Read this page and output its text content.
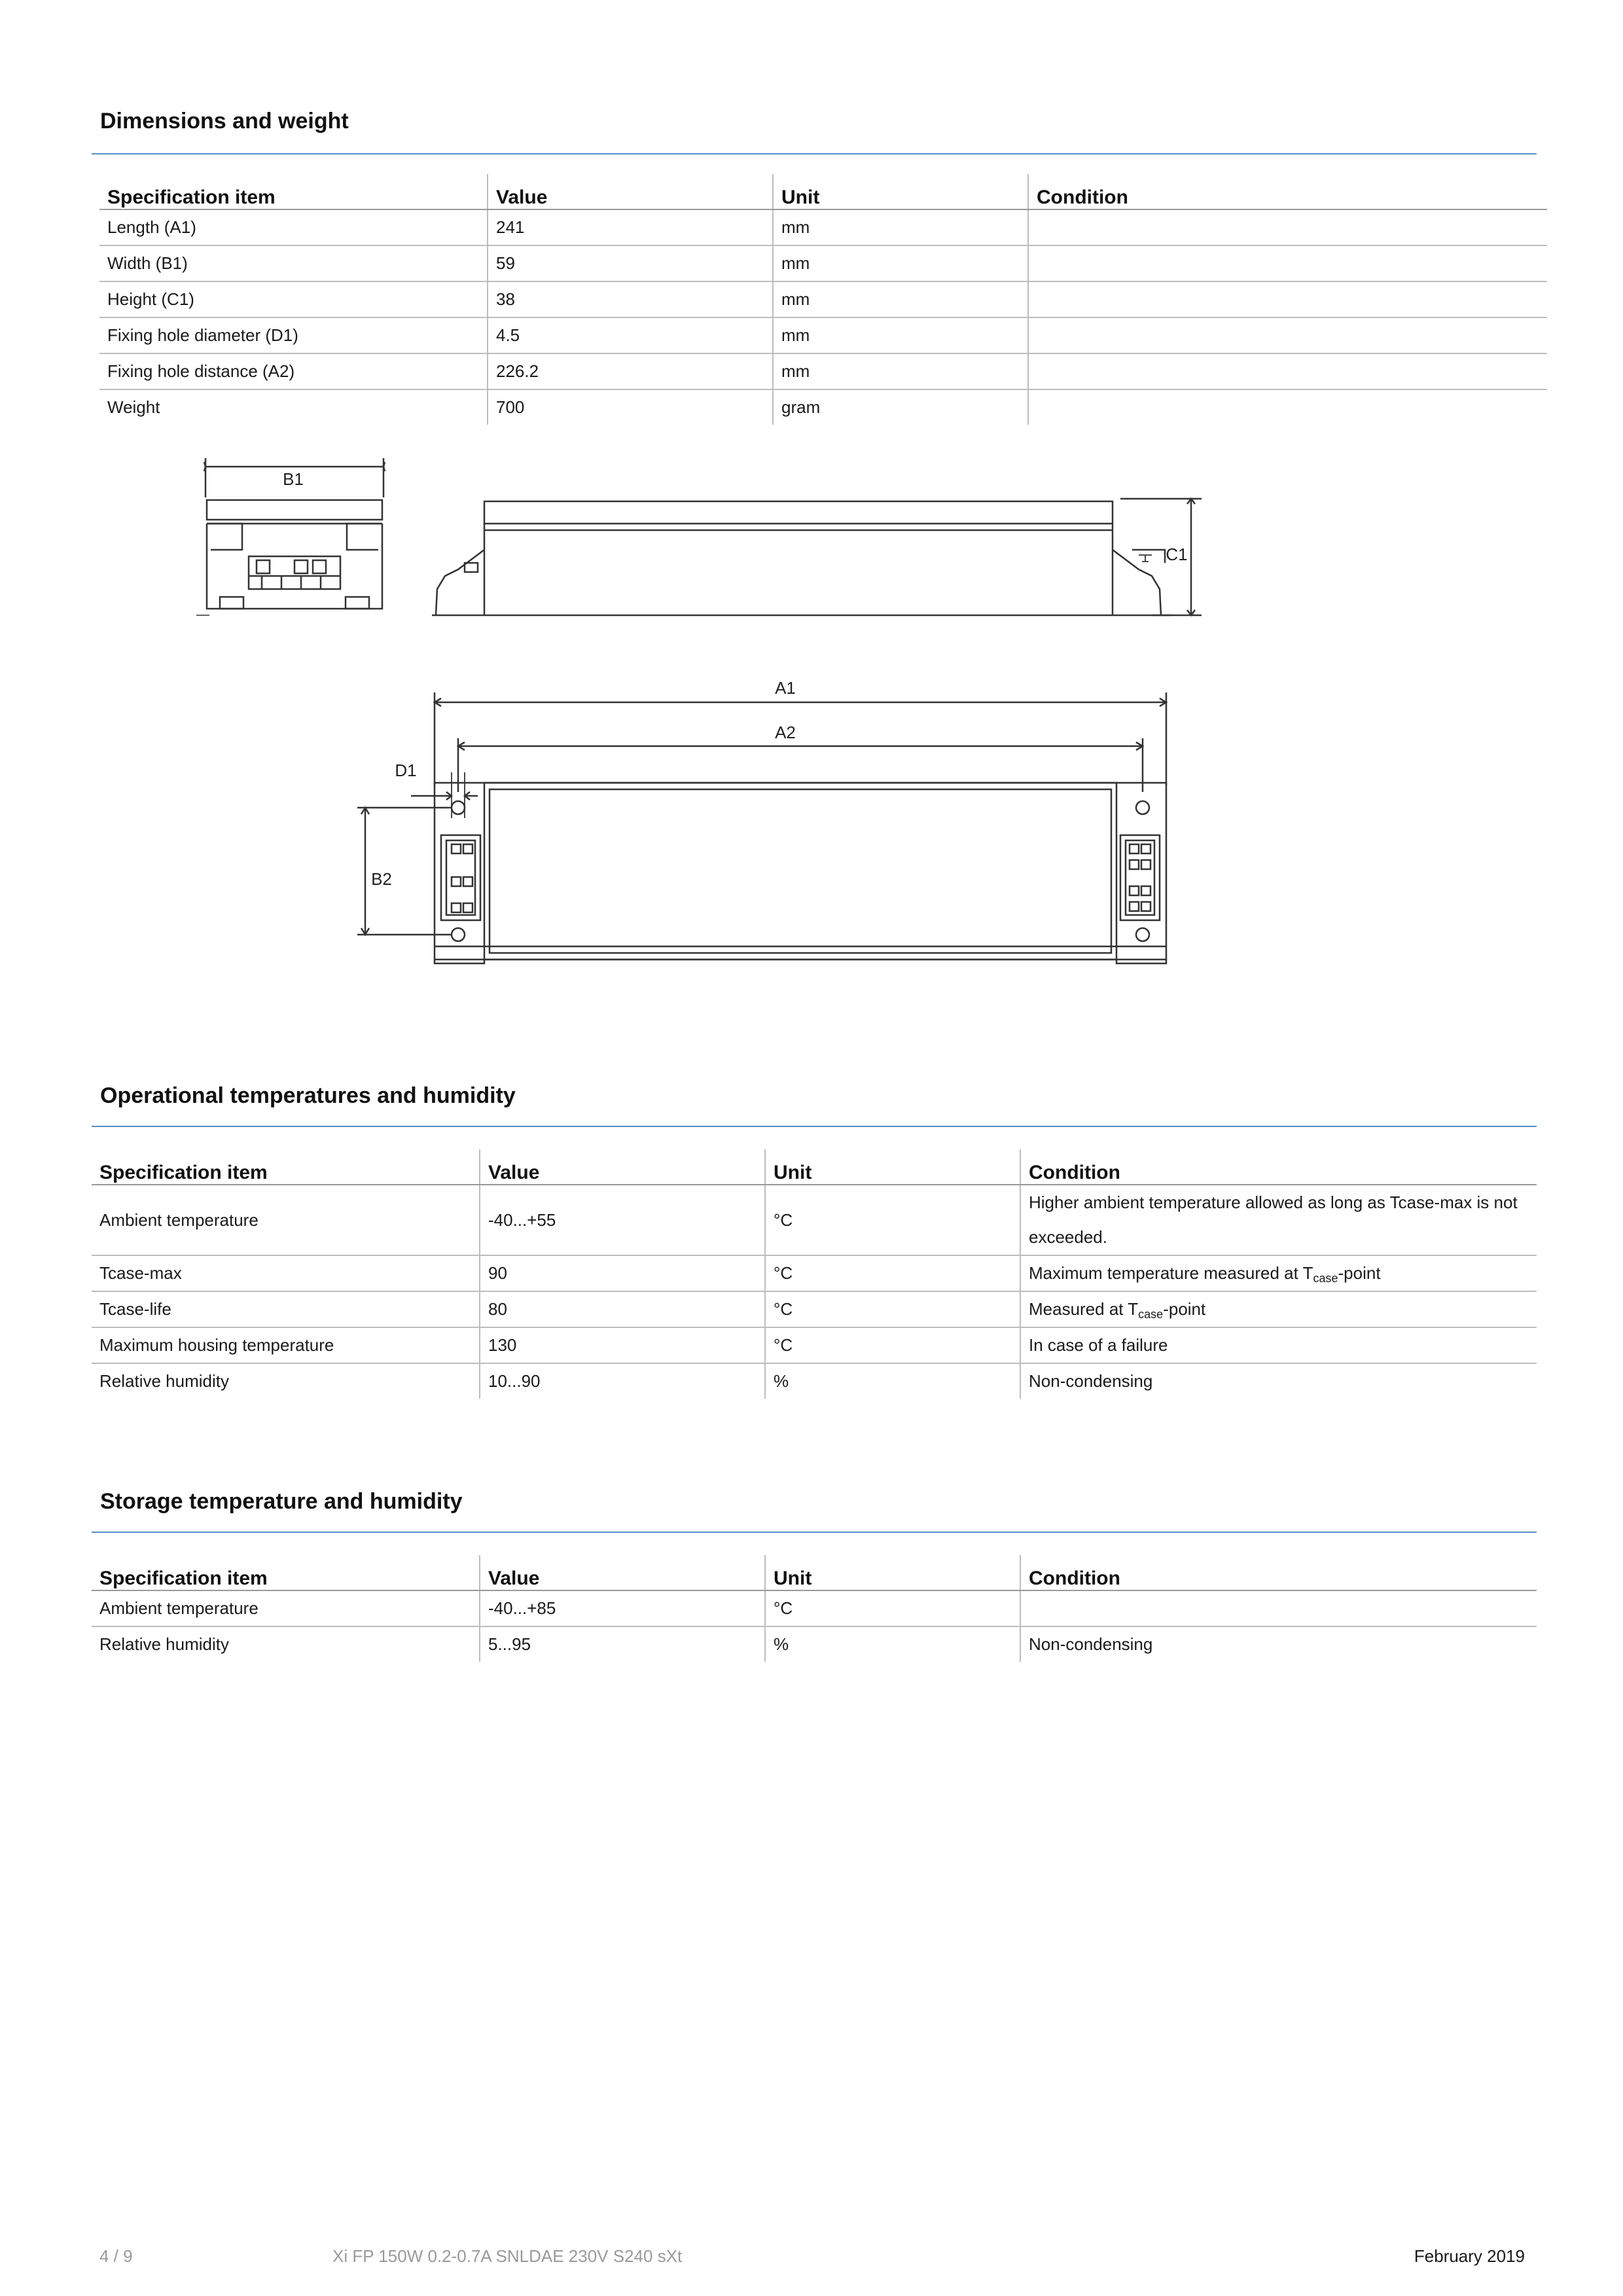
Dimensions and weight
Specification item	Value	Unit	Condition
Length (A1)	241	mm	
Width (B1)	59	mm	
Height (C1)	38	mm	
Fixing hole diameter (D1)	4.5	mm	
Fixing hole distance (A2)	226.2	mm	
Weight	700	gram	
B1
C1
A1
A2
D1
B2
Operational temperatures and humidity
Specification item	Value	Unit	Condition
Ambient temperature	-40...+55	°C	Higher ambient temperature allowed as long as Tcase-max is not exceeded.
Tcase-max	90	°C	Maximum temperature measured at $T_{case}$-point
Tcase-life	80	°C	Measured at $T_{case}$-point
Maximum housing temperature	130	°C	In case of a failure
Relative humidity	10...90	%	Non-condensing
Storage temperature and humidity
Specification item	Value	Unit	Condition
Ambient temperature	-40...+85	°C	
Relative humidity	5...95	%	Non-condensing
4 / 9	Xi FP 150W 0.2-0.7A SNLDAE 230V S240 sXt	February 2019
